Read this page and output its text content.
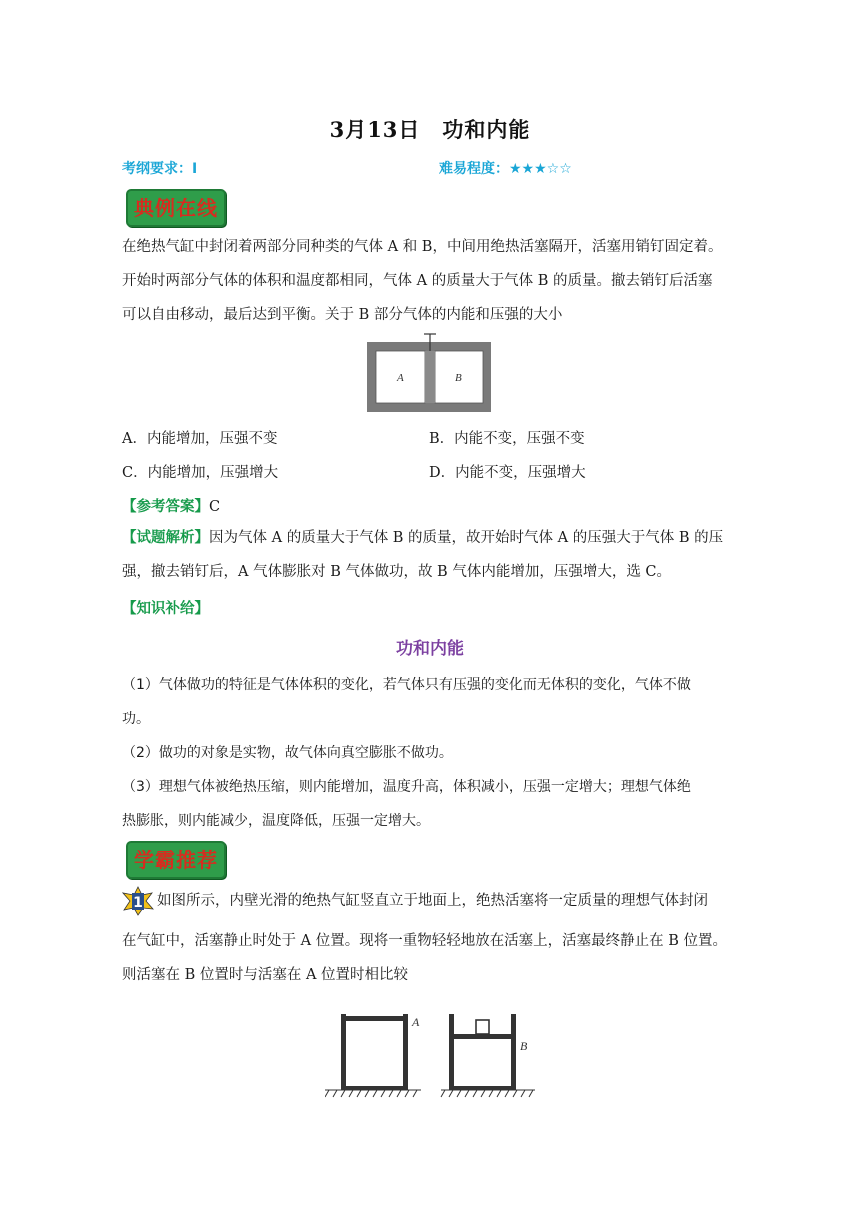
3月13日　功和内能
考纲要求：I	难易程度：★★★☆☆
典例在线
在绝热气缸中封闭着两部分同种类的气体 A 和 B，中间用绝热活塞隔开，活塞用销钉固定着。
开始时两部分气体的体积和温度都相同，气体 A 的质量大于气体 B 的质量。撤去销钉后活塞
可以自由移动，最后达到平衡。关于 B 部分气体的内能和压强的大小
A	B
A．内能增加，压强不变	B．内能不变，压强不变
C．内能增加，压强增大	D．内能不变，压强增大
【参考答案】C
【试题解析】因为气体 A 的质量大于气体 B 的质量，故开始时气体 A 的压强大于气体 B 的压
强，撤去销钉后，A 气体膨胀对 B 气体做功，故 B 气体内能增加，压强增大，选 C。
【知识补给】
功和内能
（1）气体做功的特征是气体体积的变化，若气体只有压强的变化而无体积的变化，气体不做
功。
（2）做功的对象是实物，故气体向真空膨胀不做功。
（3）理想气体被绝热压缩，则内能增加，温度升高，体积减小，压强一定增大；理想气体绝
热膨胀，则内能减少，温度降低，压强一定增大。
学霸推荐
1 如图所示，内壁光滑的绝热气缸竖直立于地面上，绝热活塞将一定质量的理想气体封闭
在气缸中，活塞静止时处于 A 位置。现将一重物轻轻地放在活塞上，活塞最终静止在 B 位置。
则活塞在 B 位置时与活塞在 A 位置时相比较
A
B
